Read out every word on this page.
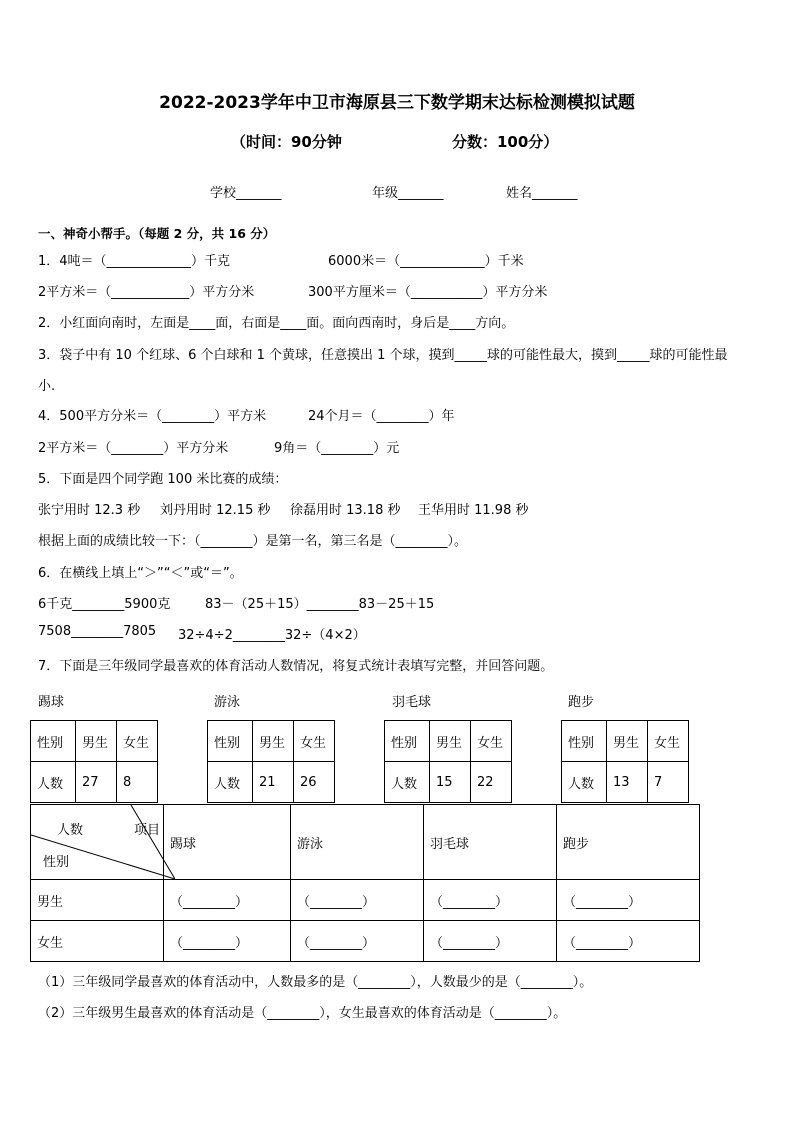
2022-2023学年中卫市海原县三下数学期末达标检测模拟试题
（时间：90分钟	分数：100分）
学校_______	年级_______	姓名_______
一、神奇小帮手。（每题 2 分，共 16 分）
1．4吨＝（_____________）千克	6000米＝（_____________）千米
2平方米＝（____________）平方分米	300平方厘米＝（___________）平方分米
2．小红面向南时，左面是____面，右面是____面。面向西南时，身后是____方向。
3．袋子中有 10 个红球、6 个白球和 1 个黄球，任意摸出 1 个球，摸到_____球的可能性最大，摸到_____球的可能性最
小.
4．500平方分米＝（________）平方米	24个月＝（________）年
2平方米＝（________）平方分米	9角＝（________）元
5．下面是四个同学跑 100 米比赛的成绩：
张宁用时 12.3 秒 刘丹用时 12.15 秒 徐磊用时 13.18 秒 王华用时 11.98 秒
根据上面的成绩比较一下：（________）是第一名，第三名是（________）。
6．在横线上填上“＞”“＜”或“＝”。
6千克________5900克	83－（25＋15）________83－25＋15
7508________7805 32÷4÷2________32÷（4×2）
7．下面是三年级同学最喜欢的体育活动人数情况，将复式统计表填写完整，并回答问题。
踢球	游泳	羽毛球	跑步
性别	男生	女生
人数	27	8
性别	男生	女生
人数	21	26
性别	男生	女生
人数	15	22
性别	男生	女生
人数	13	7
人数 项目
性别	踢球	游泳	羽毛球	跑步
男生	（________）	（________）	（________）	（________）
女生	（________）	（________）	（________）	（________）
（1）三年级同学最喜欢的体育活动中，人数最多的是（________），人数最少的是（________）。
（2）三年级男生最喜欢的体育活动是（________），女生最喜欢的体育活动是（________）。
